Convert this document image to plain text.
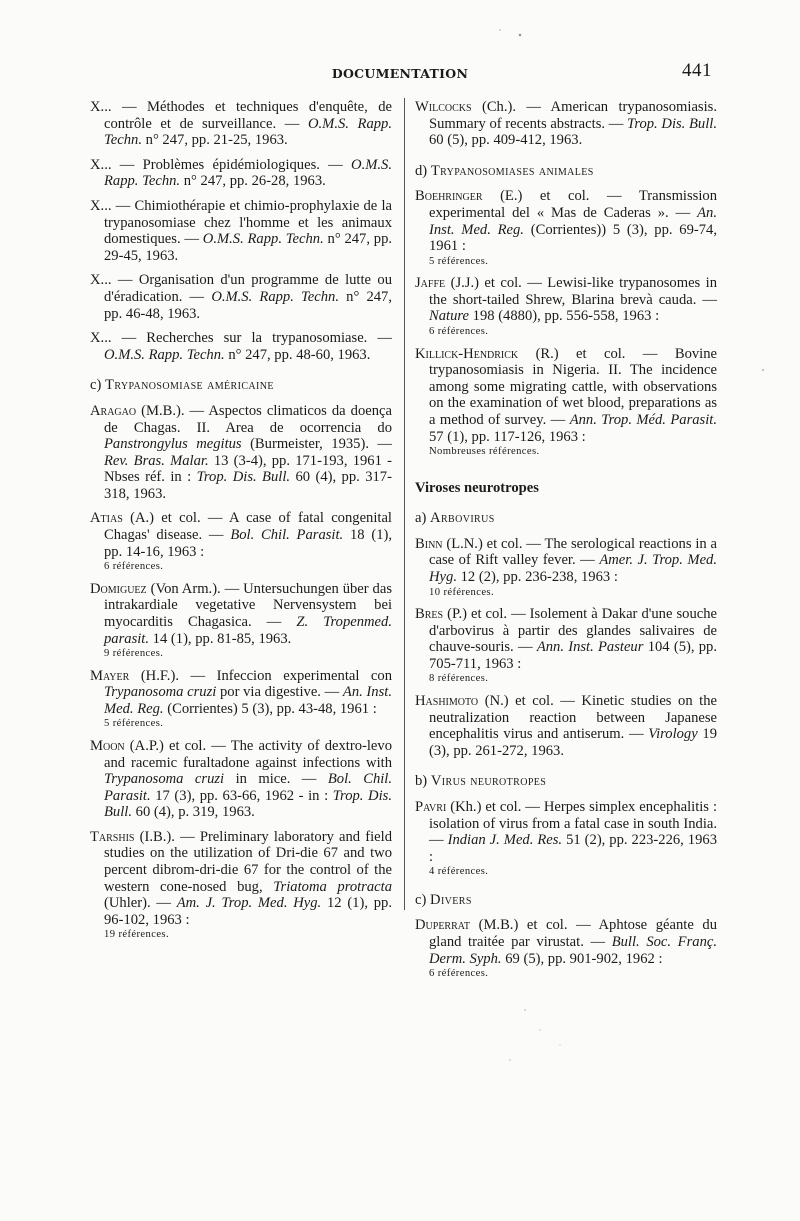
DOCUMENTATION	441

X... — Méthodes et techniques d'enquête, de contrôle et de surveillance. — O.M.S. Rapp. Techn. n° 247, pp. 21-25, 1963.

X... — Problèmes épidémiologiques. — O.M.S. Rapp. Techn. n° 247, pp. 26-28, 1963.

X... — Chimiothérapie et chimio-prophylaxie de la trypanosomiase chez l'homme et les animaux domestiques. — O.M.S. Rapp. Techn. n° 247, pp. 29-45, 1963.

X... — Organisation d'un programme de lutte ou d'éradication. — O.M.S. Rapp. Techn. n° 247, pp. 46-48, 1963.

X... — Recherches sur la trypanosomiase. — O.M.S. Rapp. Techn. n° 247, pp. 48-60, 1963.

c) Trypanosomiase américaine

Aragao (M.B.). — Aspectos climaticos da doença de Chagas. II. Area de ocorrencia do Panstrongylus megitus (Burmeister, 1935). — Rev. Bras. Malar. 13 (3-4), pp. 171-193, 1961 - Nbses réf. in : Trop. Dis. Bull. 60 (4), pp. 317-318, 1963.

Atias (A.) et col. — A case of fatal congenital Chagas' disease. — Bol. Chil. Parasit. 18 (1), pp. 14-16, 1963 :
6 références.

Domiguez (Von Arm.). — Untersuchungen über das intrakardiale vegetative Nervensystem bei myocarditis Chagasica. — Z. Tropenmed. parasit. 14 (1), pp. 81-85, 1963.
9 références.

Mayer (H.F.). — Infeccion experimental con Trypanosoma cruzi por via digestive. — An. Inst. Med. Reg. (Corrientes) 5 (3), pp. 43-48, 1961 :
5 références.

Moon (A.P.) et col. — The activity of dextro-levo and racemic furaltadone against infections with Trypanosoma cruzi in mice. — Bol. Chil. Parasit. 17 (3), pp. 63-66, 1962 - in : Trop. Dis. Bull. 60 (4), p. 319, 1963.

Tarshis (I.B.). — Preliminary laboratory and field studies on the utilization of Dri-die 67 and two percent dibrom-dri-die 67 for the control of the western cone-nosed bug, Triatoma protracta (Uhler). — Am. J. Trop. Med. Hyg. 12 (1), pp. 96-102, 1963 :
19 références.

Wilcocks (Ch.). — American trypanosomiasis. Summary of recents abstracts. — Trop. Dis. Bull. 60 (5), pp. 409-412, 1963.

d) Trypanosomiases animales

Boehringer (E.) et col. — Transmission experimental del « Mas de Caderas ». — An. Inst. Med. Reg. (Corrientes)) 5 (3), pp. 69-74, 1961 :
5 références.

Jaffe (J.J.) et col. — Lewisi-like trypanosomes in the short-tailed Shrew, Blarina brevà cauda. — Nature 198 (4880), pp. 556-558, 1963 :
6 références.

Killick-Hendrick (R.) et col. — Bovine trypanosomiasis in Nigeria. II. The incidence among some migrating cattle, with observations on the examination of wet blood, preparations as a method of survey. — Ann. Trop. Méd. Parasit. 57 (1), pp. 117-126, 1963 :
Nombreuses références.

Viroses neurotropes
a) Arbovirus

Binn (L.N.) et col. — The serological reactions in a case of Rift valley fever. — Amer. J. Trop. Med. Hyg. 12 (2), pp. 236-238, 1963 :
10 références.

Bres (P.) et col. — Isolement à Dakar d'une souche d'arbovirus à partir des glandes salivaires de chauve-souris. — Ann. Inst. Pasteur 104 (5), pp. 705-711, 1963 :
8 références.

Hashimoto (N.) et col. — Kinetic studies on the neutralization reaction between Japanese encephalitis virus and antiserum. — Virology 19 (3), pp. 261-272, 1963.

b) Virus neurotropes

Pavri (Kh.) et col. — Herpes simplex encephalitis : isolation of virus from a fatal case in south India. — Indian J. Med. Res. 51 (2), pp. 223-226, 1963 :
4 références.

c) Divers

Duperrat (M.B.) et col. — Aphtose géante du gland traitée par virustat. — Bull. Soc. Franç. Derm. Syph. 69 (5), pp. 901-902, 1962 :
6 références.
